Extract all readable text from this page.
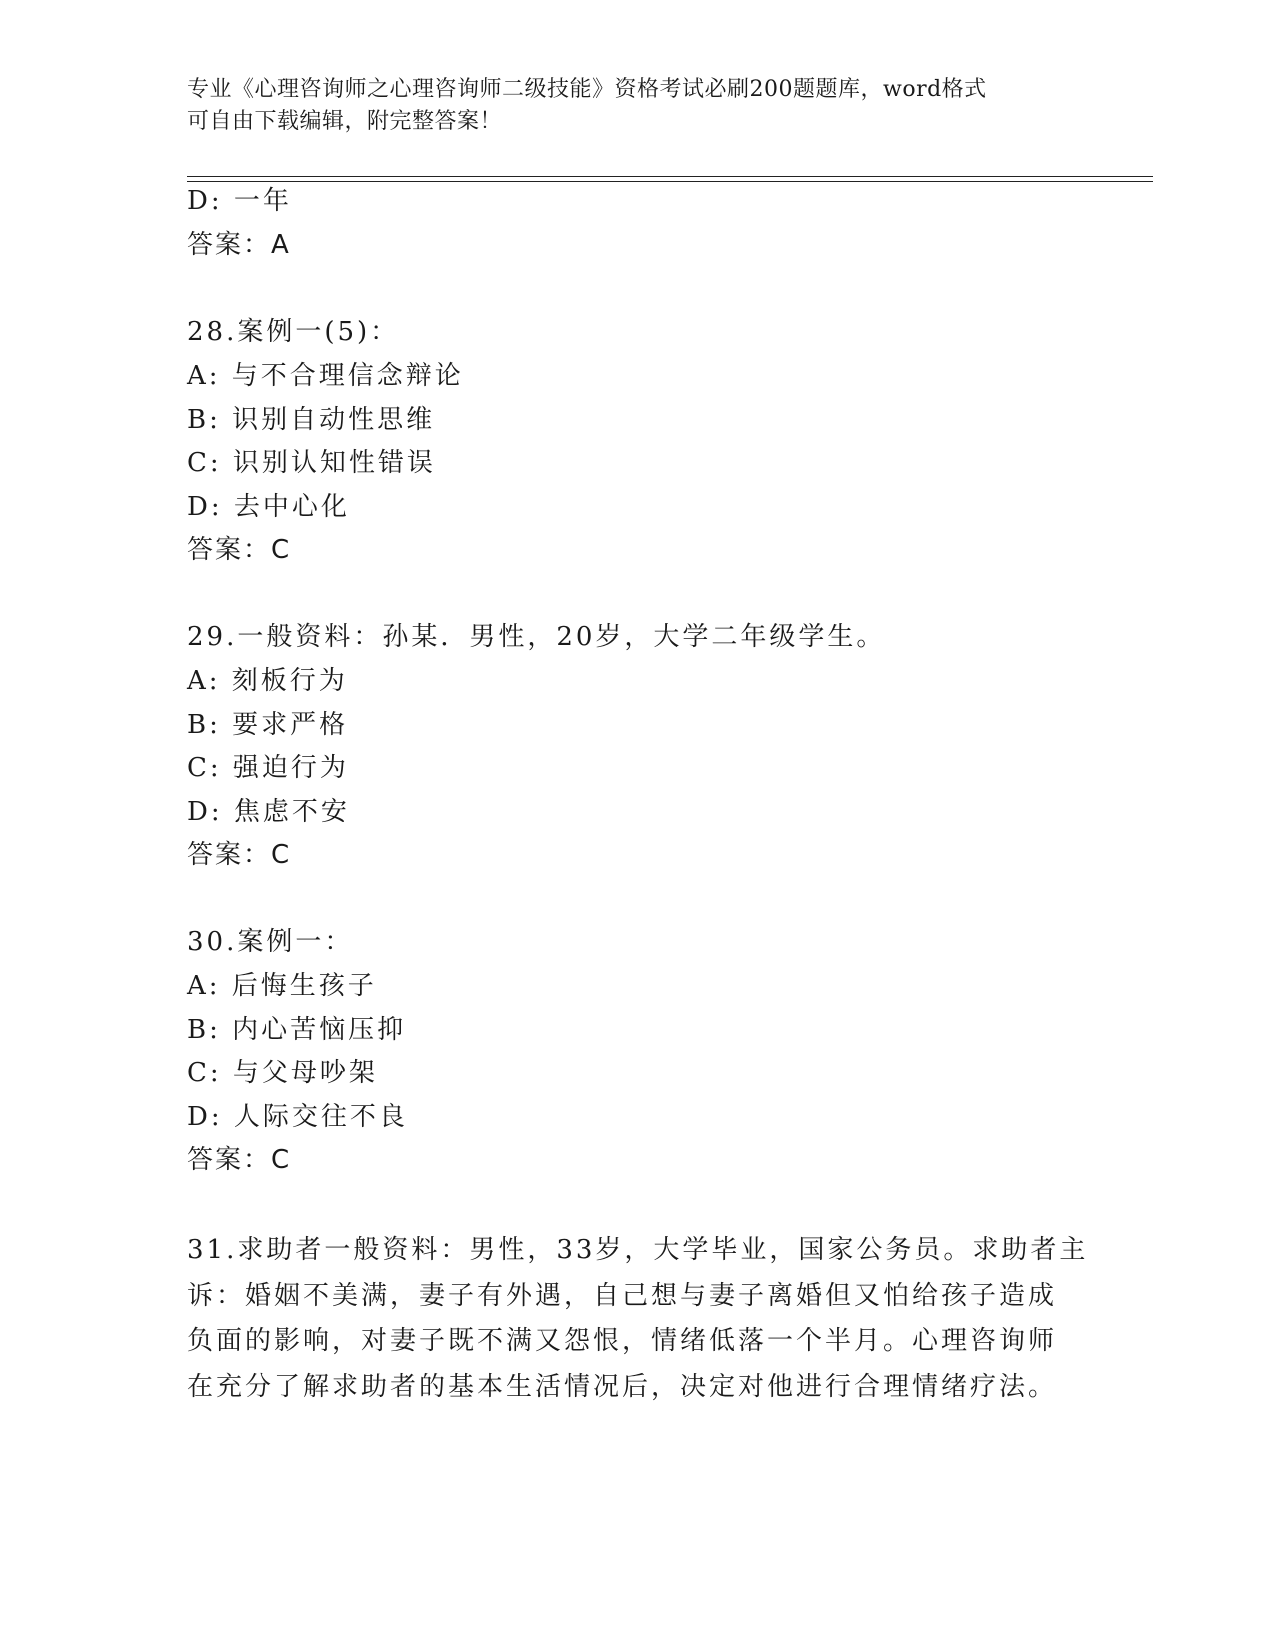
专业《心理咨询师之心理咨询师二级技能》资格考试必刷200题题库，word格式
可自由下载编辑，附完整答案！
D: 一年
答案：A
28.案例一(5)：
A: 与不合理信念辩论
B: 识别自动性思维
C: 识别认知性错误
D: 去中心化
答案：C
29.一般资料：孙某．男性，20岁，大学二年级学生。
A: 刻板行为
B: 要求严格
C: 强迫行为
D: 焦虑不安
答案：C
30.案例一：
A: 后悔生孩子
B: 内心苦恼压抑
C: 与父母吵架
D: 人际交往不良
答案：C
31.求助者一般资料：男性，33岁，大学毕业，国家公务员。求助者主
诉：婚姻不美满，妻子有外遇，自己想与妻子离婚但又怕给孩子造成
负面的影响，对妻子既不满又怨恨，情绪低落一个半月。心理咨询师
在充分了解求助者的基本生活情况后，决定对他进行合理情绪疗法。
